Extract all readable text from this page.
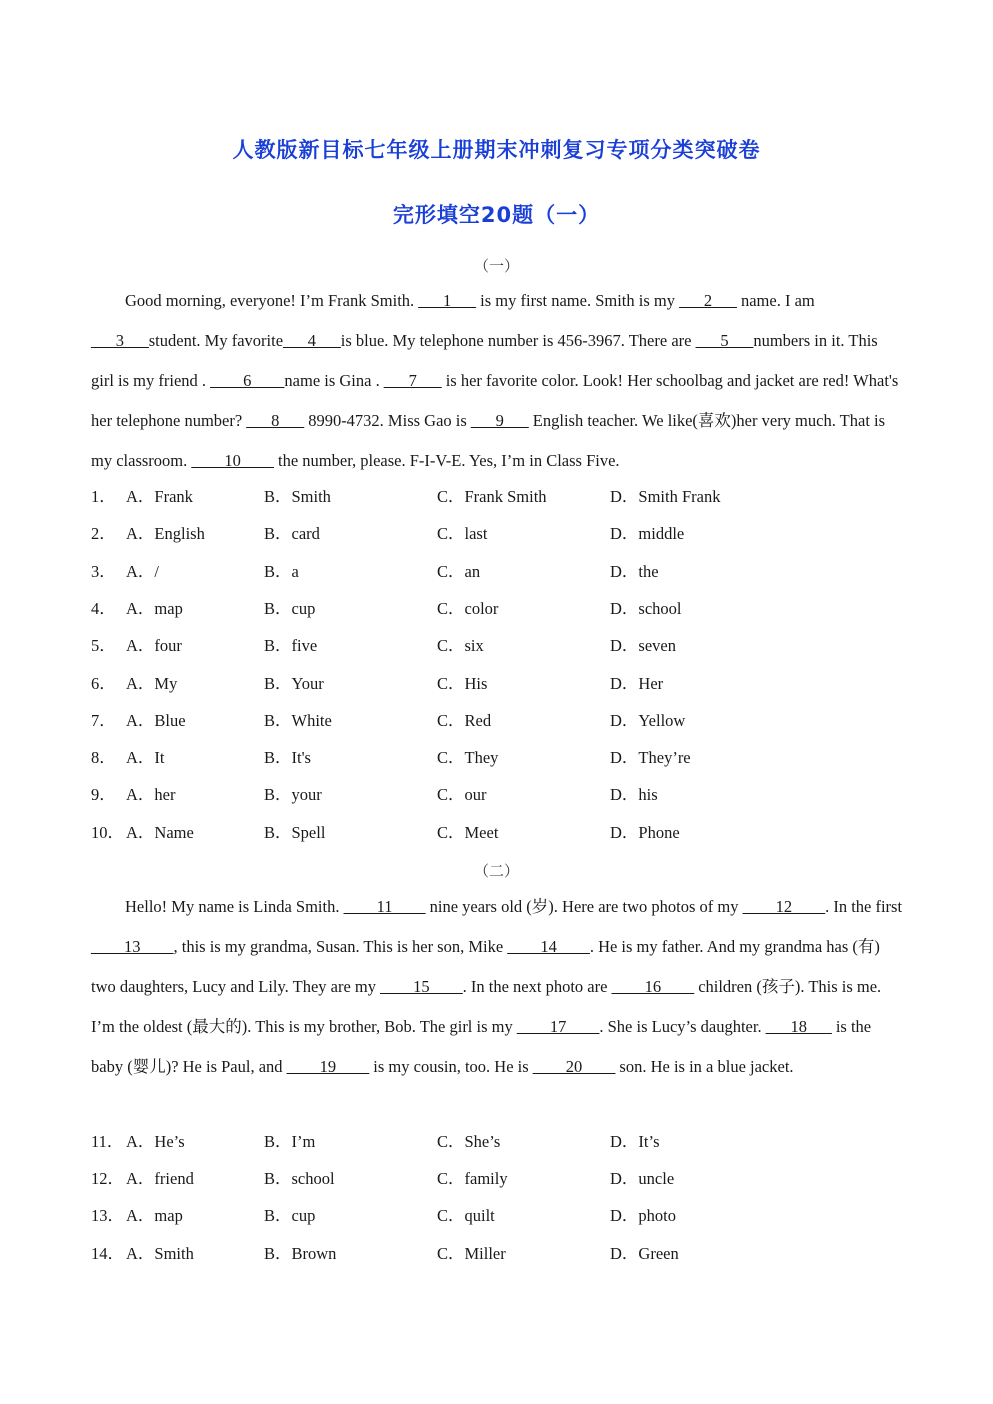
人教版新目标七年级上册期末冲刺复习专项分类突破卷
完形填空20题（一）
（一）

Good morning, everyone! I’m Frank Smith. ___1___ is my first name. Smith is my ___2___ name. I am ___3___student. My favorite___4___is blue. My telephone number is 456-3967. There are ___5___numbers in it. This girl is my friend . ____6____name is Gina . ___7___ is her favorite color. Look! Her schoolbag and jacket are red! What's her telephone number? ___8___ 8990-4732. Miss Gao is ___9___ English teacher. We like(喜欢)her very much. That is my classroom. ____10____ the number, please. F-I-V-E. Yes, I’m in Class Five.

1． A．Frank	B．Smith	C．Frank Smith	D．Smith Frank
2． A．English	B．card	C．last	D．middle
3． A．/	B．a	C．an	D．the
4． A．map	B．cup	C．color	D．school
5． A．four	B．five	C．six	D．seven
6． A．My	B．Your	C．His	D．Her
7． A．Blue	B．White	C．Red	D．Yellow
8． A．It	B．It's	C．They	D．They’re
9． A．her	B．your	C．our	D．his
10． A．Name	B．Spell	C．Meet	D．Phone
（二）

Hello! My name is Linda Smith. ____11____ nine years old (岁). Here are two photos of my ____12____. In the first ____13____, this is my grandma, Susan. This is her son, Mike ____14____. He is my father. And my grandma has (有) two daughters, Lucy and Lily. They are my ____15____. In the next photo are ____16____ children (孩子). This is me. I’m the oldest (最大的). This is my brother, Bob. The girl is my ____17____. She is Lucy’s daughter. ___18___ is the baby (婴儿)? He is Paul, and ____19____ is my cousin, too. He is ____20____ son. He is in a blue jacket.

11． A．He’s	B．I’m	C．She’s	D．It’s
12． A．friend	B．school	C．family	D．uncle
13． A．map	B．cup	C．quilt	D．photo
14． A．Smith	B．Brown	C．Miller	D．Green
